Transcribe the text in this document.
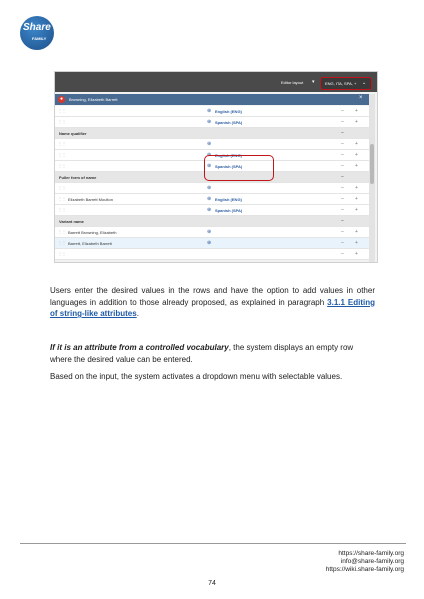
Share
FAMILY
Editor layout ▾	ENG, ITA, SPA, + ⌄
●	Browning, Elizabeth Barrett	×
⋮⋮	⊕ English (ENG)	– +
⋮⋮	⊕ Spanish (SPA)	– +
Name qualifier	–
⋮⋮	⊕	– +
⋮⋮	⊕ English (ENG)	– +
⋮⋮	⊕ Spanish (SPA)	– +
Fuller form of name	–
⋮⋮	⊕	– +
⋮⋮ Elizabeth Barrett Moulton	⊕ English (ENG)	– +
⋮⋮	⊕ Spanish (SPA)	– +
Variant name	–
⋮⋮ Barrett Browning, Elizabeth	⊕	– +
⋮⋮ Barrett, Elizabeth Barrett	⊕	– +
⋮⋮	– +
Users enter the desired values in the rows and have the option to add values in other languages in addition to those already proposed, as explained in paragraph 3.1.1 Editing of string-like attributes.
If it is an attribute from a controlled vocabulary, the system displays an empty row where the desired value can be entered.
Based on the input, the system activates a dropdown menu with selectable values.
https://share-family.org
info@share-family.org
https://wiki.share-family.org
74
